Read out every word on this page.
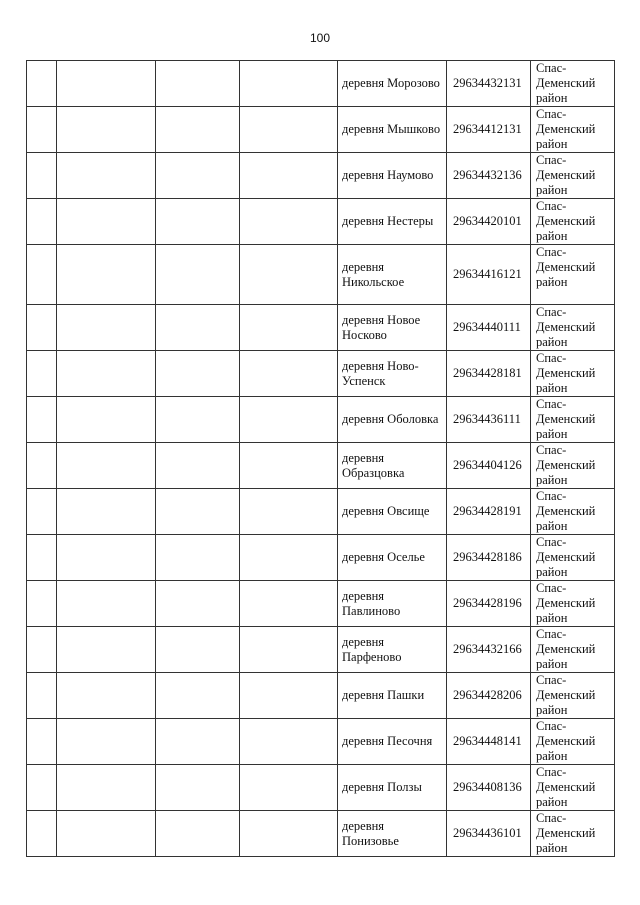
100
				деревня Морозово	29634432131	Спас-Деменский район
				деревня Мышково	29634412131	Спас-Деменский район
				деревня Наумово	29634432136	Спас-Деменский район
				деревня Нестеры	29634420101	Спас-Деменский район
				деревня Никольское	29634416121	Спас-Деменский район
				деревня Новое Носково	29634440111	Спас-Деменский район
				деревня Ново-Успенск	29634428181	Спас-Деменский район
				деревня Оболовка	29634436111	Спас-Деменский район
				деревня Образцовка	29634404126	Спас-Деменский район
				деревня Овсище	29634428191	Спас-Деменский район
				деревня Оселье	29634428186	Спас-Деменский район
				деревня Павлиново	29634428196	Спас-Деменский район
				деревня Парфеново	29634432166	Спас-Деменский район
				деревня Пашки	29634428206	Спас-Деменский район
				деревня Песочня	29634448141	Спас-Деменский район
				деревня Ползы	29634408136	Спас-Деменский район
				деревня Понизовье	29634436101	Спас-Деменский район
